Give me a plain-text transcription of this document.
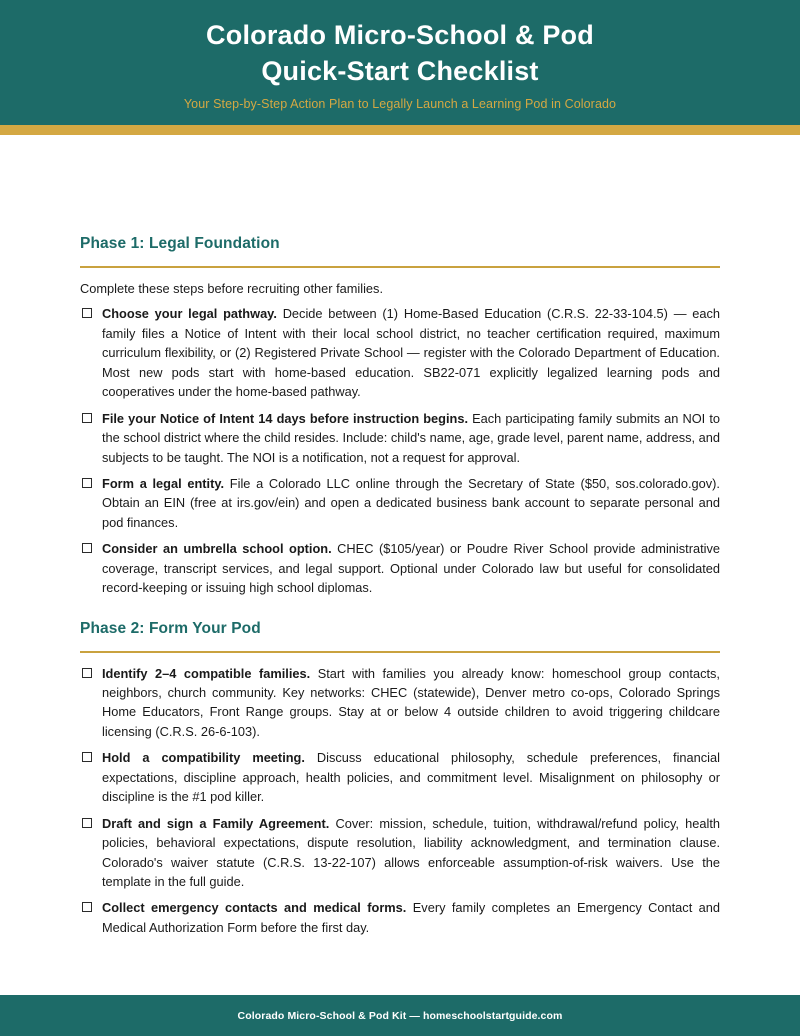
Colorado Micro-School & Pod
Quick-Start Checklist

Your Step-by-Step Action Plan to Legally Launch a Learning Pod in Colorado

Phase 1: Legal Foundation

Complete these steps before recruiting other families.

Choose your legal pathway. Decide between (1) Home-Based Education (C.R.S. 22-33-104.5) — each family files a Notice of Intent with their local school district, no teacher certification required, maximum curriculum flexibility, or (2) Registered Private School — register with the Colorado Department of Education. Most new pods start with home-based education. SB22-071 explicitly legalized learning pods and cooperatives under the home-based pathway.
File your Notice of Intent 14 days before instruction begins. Each participating family submits an NOI to the school district where the child resides. Include: child's name, age, grade level, parent name, address, and subjects to be taught. The NOI is a notification, not a request for approval.
Form a legal entity. File a Colorado LLC online through the Secretary of State ($50, sos.colorado.gov). Obtain an EIN (free at irs.gov/ein) and open a dedicated business bank account to separate personal and pod finances.
Consider an umbrella school option. CHEC ($105/year) or Poudre River School provide administrative coverage, transcript services, and legal support. Optional under Colorado law but useful for consolidated record-keeping or issuing high school diplomas.
Phase 2: Form Your Pod
Identify 2–4 compatible families. Start with families you already know: homeschool group contacts, neighbors, church community. Key networks: CHEC (statewide), Denver metro co-ops, Colorado Springs Home Educators, Front Range groups. Stay at or below 4 outside children to avoid triggering childcare licensing (C.R.S. 26-6-103).
Hold a compatibility meeting. Discuss educational philosophy, schedule preferences, financial expectations, discipline approach, health policies, and commitment level. Misalignment on philosophy or discipline is the #1 pod killer.
Draft and sign a Family Agreement. Cover: mission, schedule, tuition, withdrawal/refund policy, health policies, behavioral expectations, dispute resolution, liability acknowledgment, and termination clause. Colorado's waiver statute (C.R.S. 13-22-107) allows enforceable assumption-of-risk waivers. Use the template in the full guide.
Collect emergency contacts and medical forms. Every family completes an Emergency Contact and Medical Authorization Form before the first day.
Colorado Micro-School & Pod Kit — homeschoolstartguide.com
